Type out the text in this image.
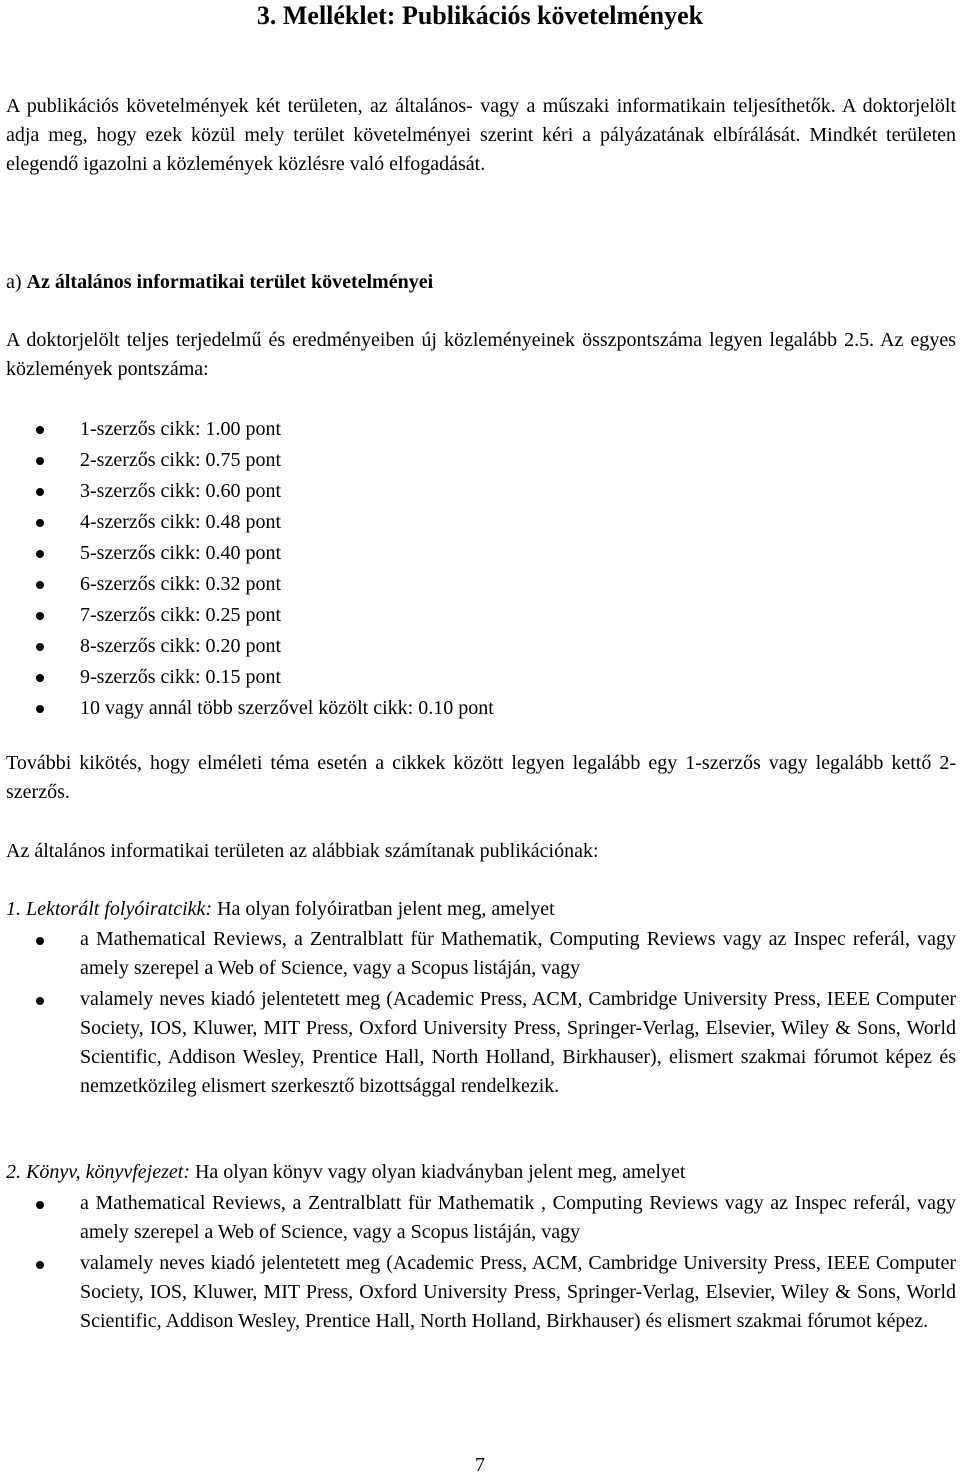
3. Melléklet: Publikációs követelmények

A publikációs követelmények két területen, az általános- vagy a műszaki informatikain teljesíthetők. A doktorjelölt adja meg, hogy ezek közül mely terület követelményei szerint kéri a pályázatának elbírálását. Mindkét területen elegendő igazolni a közlemények közlésre való elfogadását.

a) Az általános informatikai terület követelményei

A doktorjelölt teljes terjedelmű és eredményeiben új közleményeinek összpontszáma legyen legalább 2.5. Az egyes közlemények pontszáma:

1-szerzős cikk: 1.00 pont
2-szerzős cikk: 0.75 pont
3-szerzős cikk: 0.60 pont
4-szerzős cikk: 0.48 pont
5-szerzős cikk: 0.40 pont
6-szerzős cikk: 0.32 pont
7-szerzős cikk: 0.25 pont
8-szerzős cikk: 0.20 pont
9-szerzős cikk: 0.15 pont
10 vagy annál több szerzővel közölt cikk: 0.10 pont

További kikötés, hogy elméleti téma esetén a cikkek között legyen legalább egy 1-szerzős vagy legalább kettő 2-szerzős.

Az általános informatikai területen az alábbiak számítanak publikációnak:

1. Lektorált folyóiratcikk: Ha olyan folyóiratban jelent meg, amelyet
a Mathematical Reviews, a Zentralblatt für Mathematik, Computing Reviews vagy az Inspec referál, vagy amely szerepel a Web of Science, vagy a Scopus listáján, vagy
valamely neves kiadó jelentetett meg (Academic Press, ACM, Cambridge University Press, IEEE Computer Society, IOS, Kluwer, MIT Press, Oxford University Press, Springer-Verlag, Elsevier, Wiley & Sons, World Scientific, Addison Wesley, Prentice Hall, North Holland, Birkhauser), elismert szakmai fórumot képez és nemzetközileg elismert szerkesztő bizottsággal rendelkezik.
2. Könyv, könyvfejezet: Ha olyan könyv vagy olyan kiadványban jelent meg, amelyet
a Mathematical Reviews, a Zentralblatt für Mathematik , Computing Reviews vagy az Inspec referál, vagy amely szerepel a Web of Science, vagy a Scopus listáján, vagy
valamely neves kiadó jelentetett meg (Academic Press, ACM, Cambridge University Press, IEEE Computer Society, IOS, Kluwer, MIT Press, Oxford University Press, Springer-Verlag, Elsevier, Wiley & Sons, World Scientific, Addison Wesley, Prentice Hall, North Holland, Birkhauser) és elismert szakmai fórumot képez.
7
